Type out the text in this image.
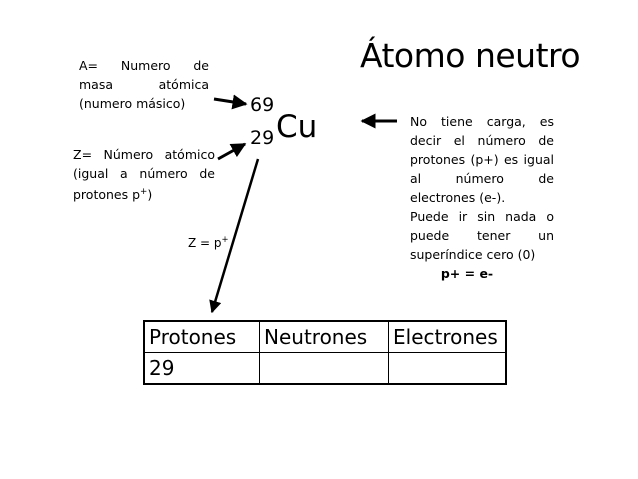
Átomo neutro
A= Numero de
masa atómica
(numero másico)
Z= Número atómico
(igual a número de
protones p+)
69
29 Cu
Z = p+
No tiene carga, es
decir el número de
protones (p+) es igual
al número de
electrones (e-).
Puede ir sin nada o
puede tener un
superíndice cero (0)
p+ = e-
Protones	Neutrones	Electrones
29		
